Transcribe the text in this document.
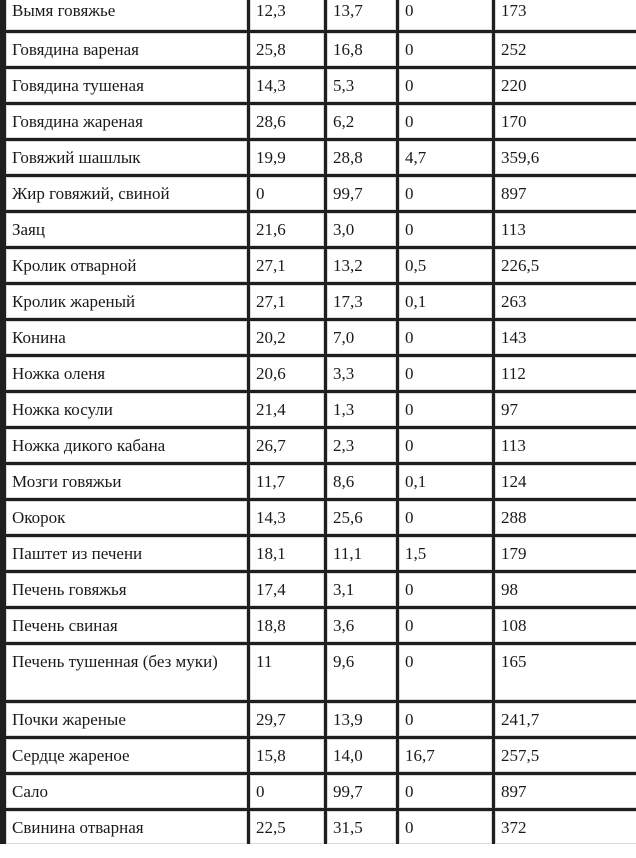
Вымя говяжье	12,3	13,7	0	173
Говядина вареная	25,8	16,8	0	252
Говядина тушеная	14,3	5,3	0	220
Говядина жареная	28,6	6,2	0	170
Говяжий шашлык	19,9	28,8	4,7	359,6
Жир говяжий, свиной	0	99,7	0	897
Заяц	21,6	3,0	0	113
Кролик отварной	27,1	13,2	0,5	226,5
Кролик жареный	27,1	17,3	0,1	263
Конина	20,2	7,0	0	143
Ножка оленя	20,6	3,3	0	112
Ножка косули	21,4	1,3	0	97
Ножка дикого кабана	26,7	2,3	0	113
Мозги говяжьи	11,7	8,6	0,1	124
Окорок	14,3	25,6	0	288
Паштет из печени	18,1	11,1	1,5	179
Печень говяжья	17,4	3,1	0	98
Печень свиная	18,8	3,6	0	108
Печень тушенная (без муки)	11	9,6	0	165
Почки жареные	29,7	13,9	0	241,7
Сердце жареное	15,8	14,0	16,7	257,5
Сало	0	99,7	0	897
Свинина отварная	22,5	31,5	0	372
